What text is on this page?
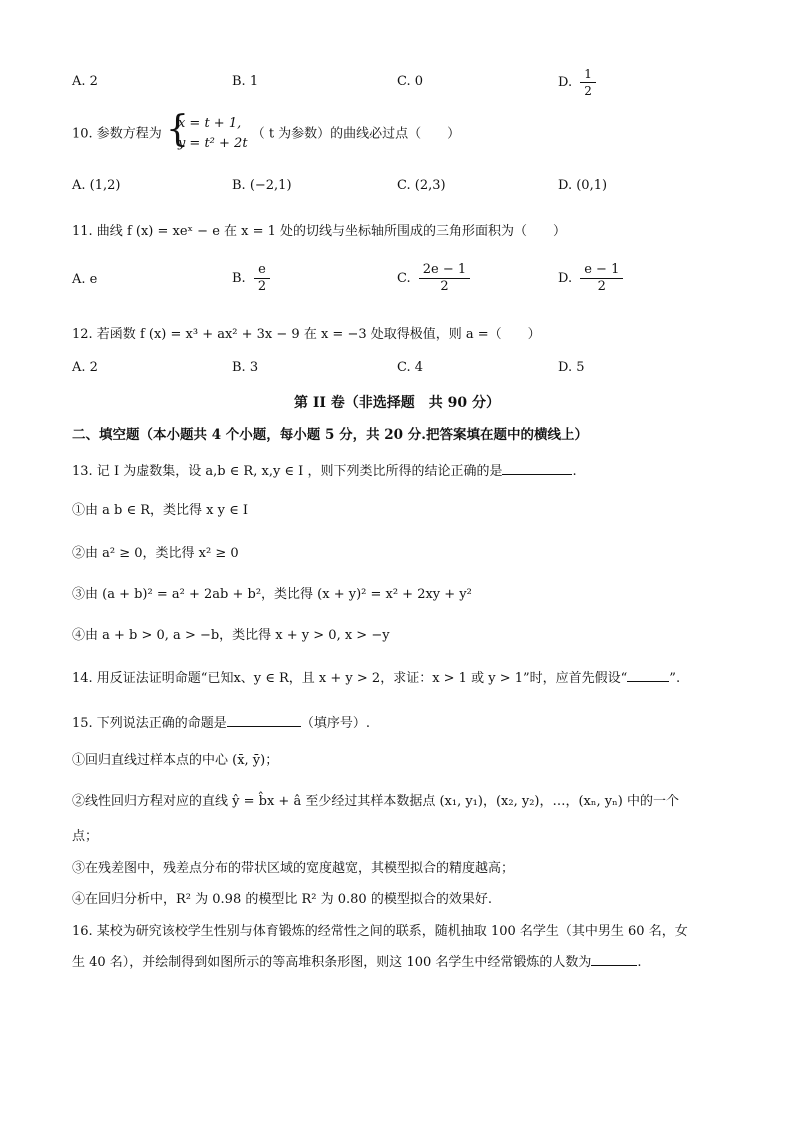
A. 2	B. 1	C. 0	D. $\frac{1}{2}$
10. 参数方程为 {
x = t + 1,
y = t² + 2t
（ t 为参数）的曲线必过点（　　）
A. (1,2)	B. (−2,1)	C. (2,3)	D. (0,1)
11. 曲线 f (x) = xeˣ − e 在 x = 1 处的切线与坐标轴所围成的三角形面积为（　　）
A. e	B. $\frac{e}{2}$	C. $\frac{2e - 1}{2}$	D. $\frac{e - 1}{2}$
12. 若函数 f (x) = x³ + ax² + 3x − 9 在 x = −3 处取得极值，则 a =（　　）
A. 2	B. 3	C. 4	D. 5
第 II 卷（非选择题　共 90 分）
二、填空题（本小题共 4 个小题，每小题 5 分，共 20 分.把答案填在题中的横线上）
13. 记 I 为虚数集，设 a,b ∈ R, x,y ∈ I ，则下列类比所得的结论正确的是	.
①由 a b ∈ R，类比得 x y ∈ I
②由 a² ≥ 0，类比得 x² ≥ 0
③由 (a + b)² = a² + 2ab + b²，类比得 (x + y)² = x² + 2xy + y²
④由 a + b > 0, a > −b，类比得 x + y > 0, x > −y
14. 用反证法证明命题“已知x、y ∈ R，且 x + y > 2，求证：x > 1 或 y > 1”时，应首先假设“	”.
15. 下列说法正确的命题是	（填序号）.
①回归直线过样本点的中心 (x̄, ȳ)；
②线性回归方程对应的直线 ŷ = b̂x + â 至少经过其样本数据点 (x₁, y₁)，(x₂, y₂)，…，(xₙ, yₙ) 中的一个
点；
③在残差图中，残差点分布的带状区域的宽度越宽，其模型拟合的精度越高；
④在回归分析中，R² 为 0.98 的模型比 R² 为 0.80 的模型拟合的效果好.
16. 某校为研究该校学生性别与体育锻炼的经常性之间的联系，随机抽取 100 名学生（其中男生 60 名，女
生 40 名），并绘制得到如图所示的等高堆积条形图，则这 100 名学生中经常锻炼的人数为	.
